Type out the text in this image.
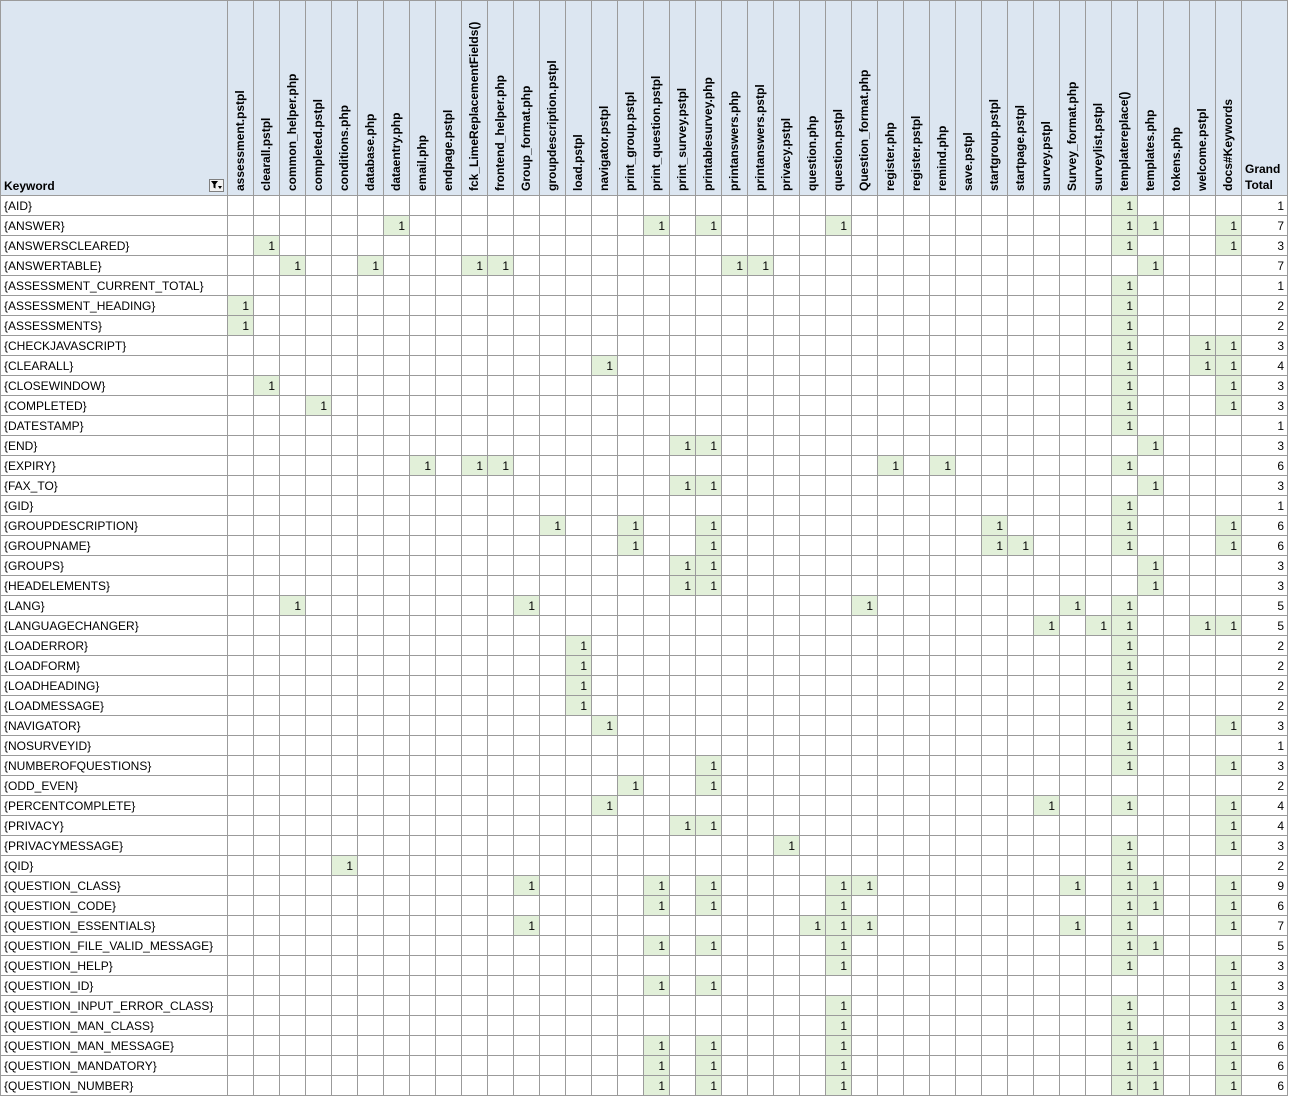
Keyword	assessment.pstpl	clearall.pstpl	common_helper.php	completed.pstpl	conditions.php	database.php	dataentry.php	email.php	endpage.pstpl	fck_LimeReplacementFields()	frontend_helper.php	Group_format.php	groupdescription.pstpl	load.pstpl	navigator.pstpl	print_group.pstpl	print_question.pstpl	print_survey.pstpl	printablesurvey.php	printanswers.php	printanswers.pstpl	privacy.pstpl	question.php	question.pstpl	Question_format.php	register.php	register.pstpl	remind.php	save.pstpl	startgroup.pstpl	startpage.pstpl	survey.pstpl	Survey_format.php	surveylist.pstpl	templatereplace()	templates.php	tokens.php	welcome.pstpl	docs#Keywords	Grand Total
{AID}																																			1					1
{ANSWER}							1										1		1					1											1	1			1	7
{ANSWERSCLEARED}		1																																	1				1	3
{ANSWERTABLE}			1			1				1	1									1	1															1				7
{ASSESSMENT_CURRENT_TOTAL}																																			1					1
{ASSESSMENT_HEADING}	1																																		1					2
{ASSESSMENTS}	1																																		1					2
{CHECKJAVASCRIPT}																																			1			1	1	3
{CLEARALL}															1																				1			1	1	4
{CLOSEWINDOW}		1																																	1				1	3
{COMPLETED}				1																															1				1	3
{DATESTAMP}																																			1					1
{END}																		1	1																	1				3
{EXPIRY}								1		1	1															1		1							1					6
{FAX_TO}																		1	1																	1				3
{GID}																																			1					1
{GROUPDESCRIPTION}													1			1			1											1					1				1	6
{GROUPNAME}																1			1											1	1				1				1	6
{GROUPS}																		1	1																	1				3
{HEADELEMENTS}																		1	1																	1				3
{LANG}			1									1													1								1		1					5
{LANGUAGECHANGER}																																1		1	1			1	1	5
{LOADERROR}														1																					1					2
{LOADFORM}														1																					1					2
{LOADHEADING}														1																					1					2
{LOADMESSAGE}														1																					1					2
{NAVIGATOR}															1																				1				1	3
{NOSURVEYID}																																			1					1
{NUMBEROFQUESTIONS}																			1																1				1	3
{ODD_EVEN}																1			1																					2
{PERCENTCOMPLETE}															1																	1			1				1	4
{PRIVACY}																		1	1																				1	4
{PRIVACYMESSAGE}																						1													1				1	3
{QID}					1																														1					2
{QUESTION_CLASS}												1					1		1					1	1								1		1	1			1	9
{QUESTION_CODE}																	1		1					1											1	1			1	6
{QUESTION_ESSENTIALS}												1											1	1	1								1		1				1	7
{QUESTION_FILE_VALID_MESSAGE}																	1		1					1											1	1				5
{QUESTION_HELP}																								1											1				1	3
{QUESTION_ID}																	1		1																				1	3
{QUESTION_INPUT_ERROR_CLASS}																								1											1				1	3
{QUESTION_MAN_CLASS}																								1											1				1	3
{QUESTION_MAN_MESSAGE}																	1		1					1											1	1			1	6
{QUESTION_MANDATORY}																	1		1					1											1	1			1	6
{QUESTION_NUMBER}																	1		1					1											1	1			1	6
